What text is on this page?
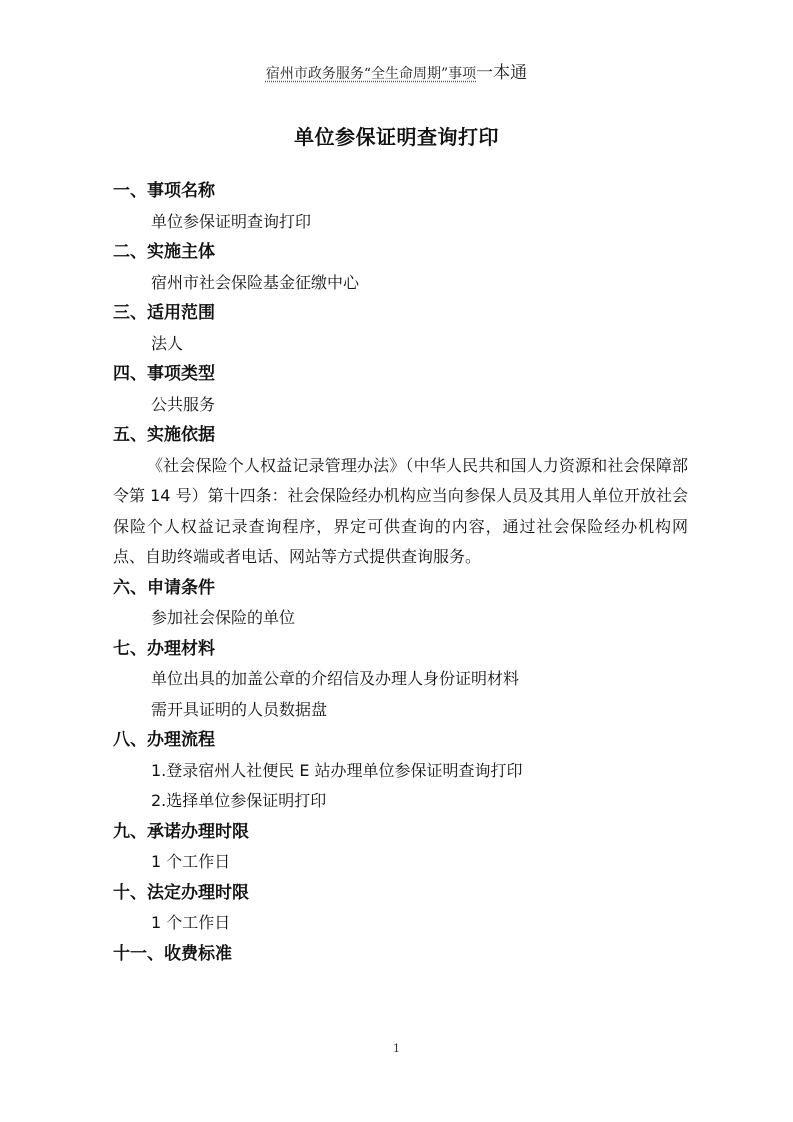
宿州市政务服务“全生命周期”事项一本通
单位参保证明查询打印
一、事项名称
单位参保证明查询打印
二、实施主体
宿州市社会保险基金征缴中心
三、适用范围
法人
四、事项类型
公共服务
五、实施依据

《社会保险个人权益记录管理办法》（中华人民共和国人力资源和社会保障部令第 14 号）第十四条：社会保险经办机构应当向参保人员及其用人单位开放社会保险个人权益记录查询程序，界定可供查询的内容，通过社会保险经办机构网点、自助终端或者电话、网站等方式提供查询服务。

六、申请条件
参加社会保险的单位
七、办理材料
单位出具的加盖公章的介绍信及办理人身份证明材料
需开具证明的人员数据盘
八、办理流程
1.登录宿州人社便民 E 站办理单位参保证明查询打印
2.选择单位参保证明打印
九、承诺办理时限
1 个工作日
十、法定办理时限
1 个工作日
十一、收费标准
1
